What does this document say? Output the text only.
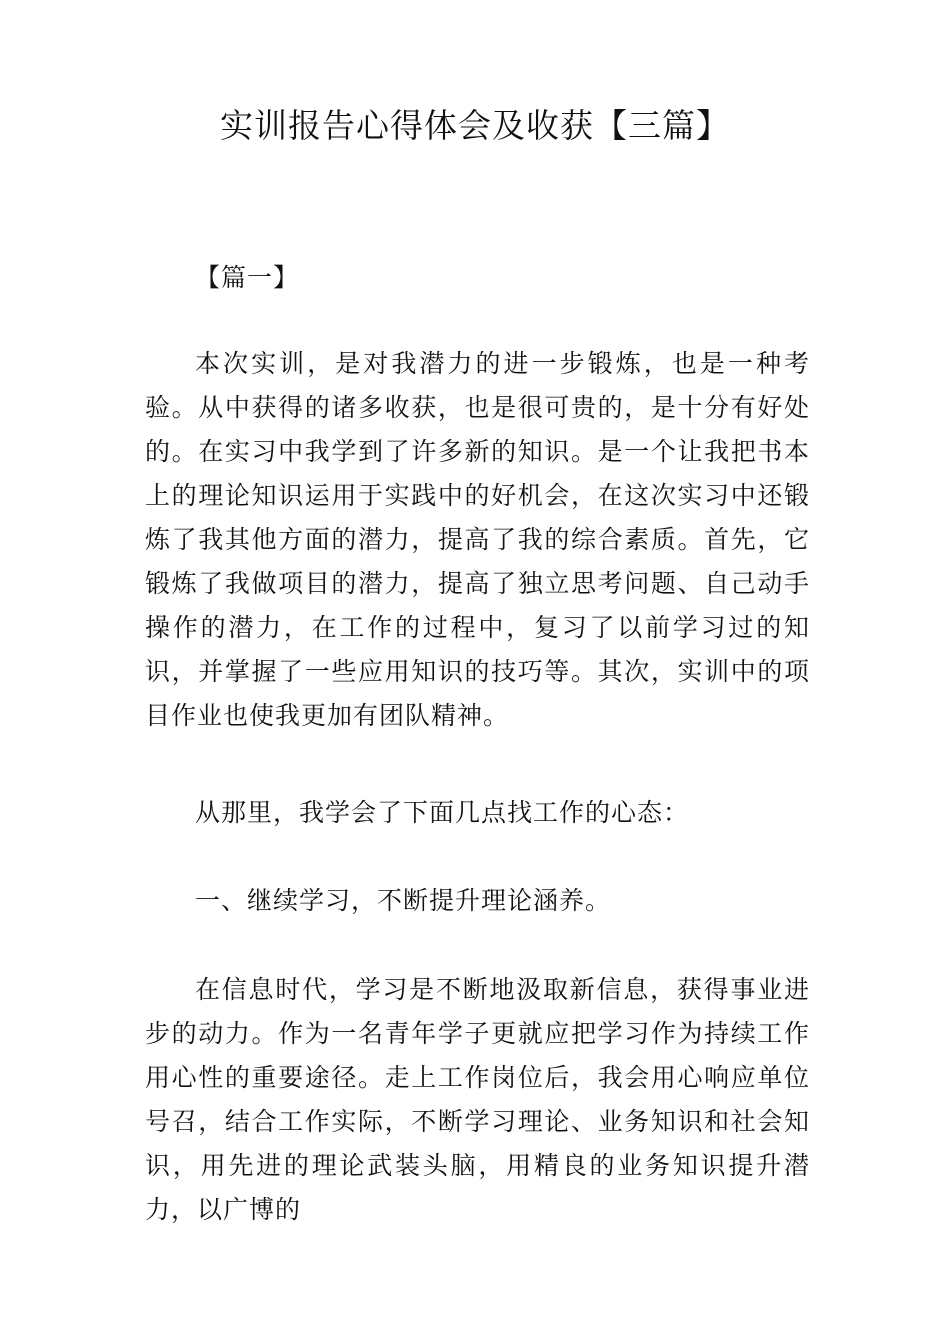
实训报告心得体会及收获【三篇】

【篇一】

本次实训，是对我潜力的进一步锻炼，也是一种考验。从中获得的诸多收获，也是很可贵的，是十分有好处的。在实习中我学到了许多新的知识。是一个让我把书本上的理论知识运用于实践中的好机会，在这次实习中还锻炼了我其他方面的潜力，提高了我的综合素质。首先，它锻炼了我做项目的潜力，提高了独立思考问题、自己动手操作的潜力，在工作的过程中，复习了以前学习过的知识，并掌握了一些应用知识的技巧等。其次，实训中的项目作业也使我更加有团队精神。

从那里，我学会了下面几点找工作的心态：

一、继续学习，不断提升理论涵养。

在信息时代，学习是不断地汲取新信息，获得事业进步的动力。作为一名青年学子更就应把学习作为持续工作用心性的重要途径。走上工作岗位后，我会用心响应单位号召，结合工作实际，不断学习理论、业务知识和社会知识，用先进的理论武装头脑，用精良的业务知识提升潜力，以广博的
